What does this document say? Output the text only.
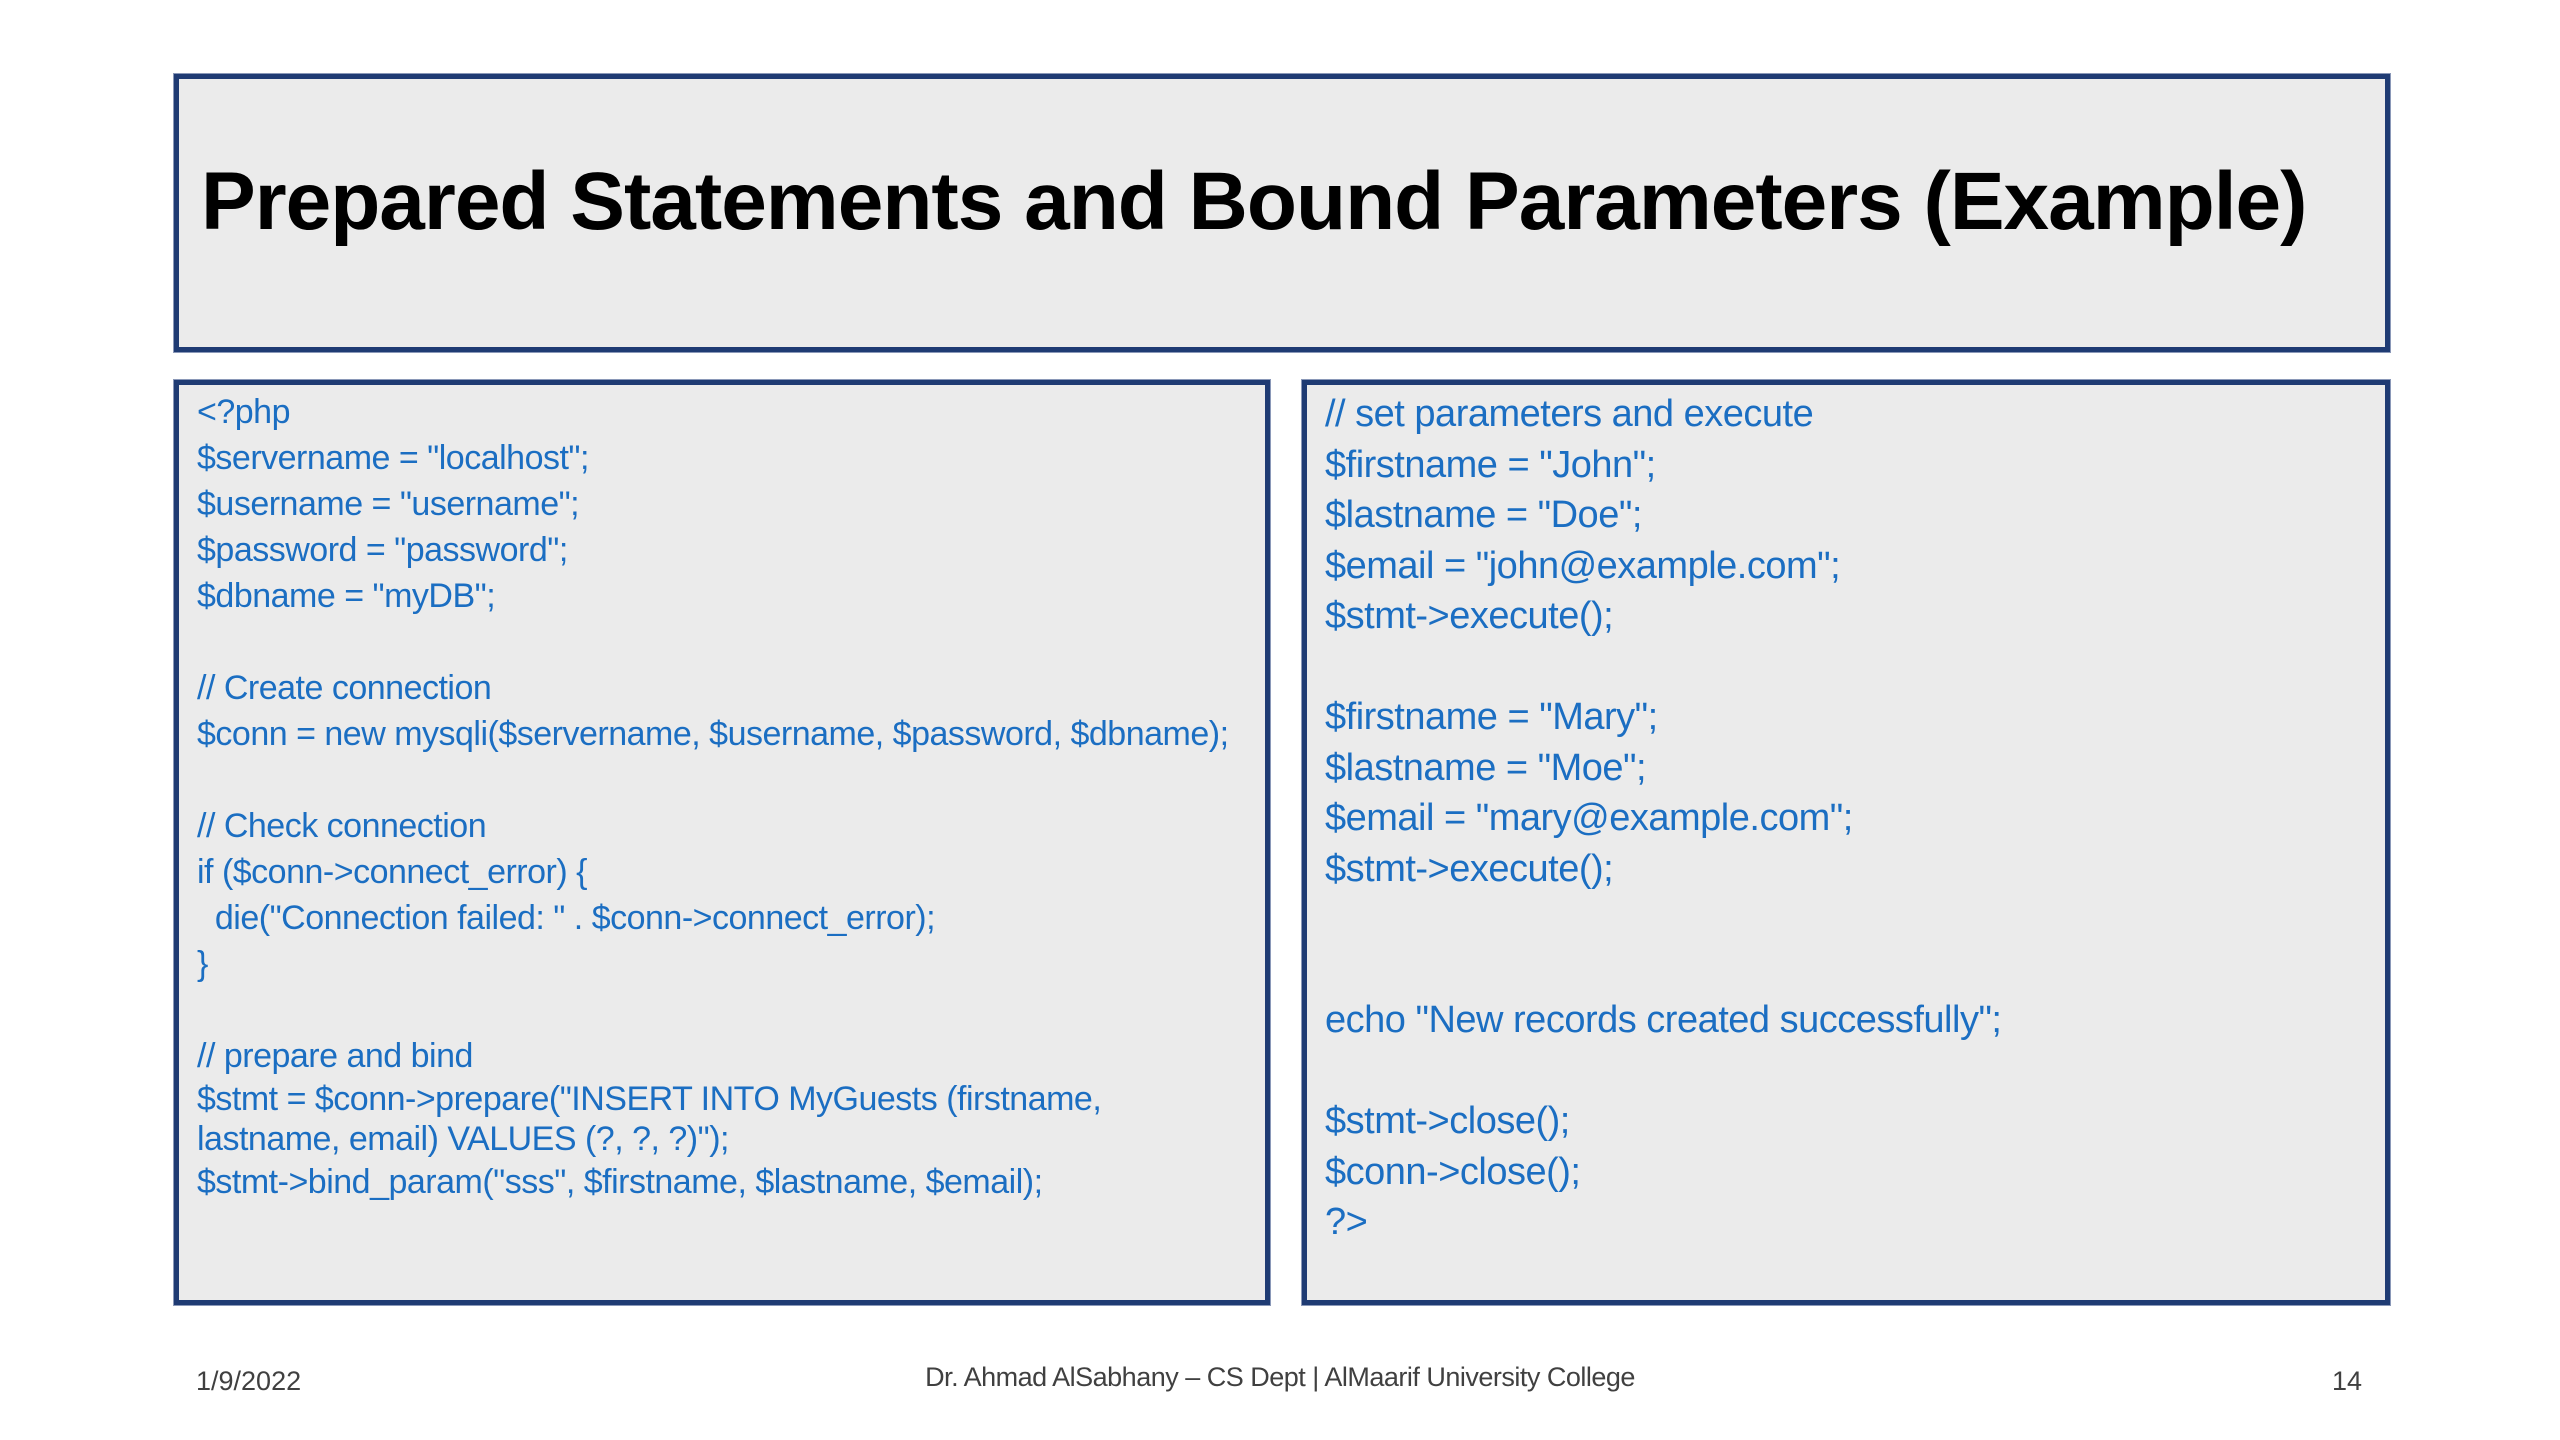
Prepared Statements and Bound Parameters (Example)
<?php
$servername = "localhost";
$username = "username";
$password = "password";
$dbname = "myDB";
// Create connection
$conn = new mysqli($servername, $username, $password, $dbname);
// Check connection
if ($conn->connect_error) {
die("Connection failed: " . $conn->connect_error);
}
// prepare and bind
$stmt = $conn->prepare("INSERT INTO MyGuests (firstname,
lastname, email) VALUES (?, ?, ?)");
$stmt->bind_param("sss", $firstname, $lastname, $email);
// set parameters and execute
$firstname = "John";
$lastname = "Doe";
$email = "john@example.com";
$stmt->execute();
$firstname = "Mary";
$lastname = "Moe";
$email = "mary@example.com";
$stmt->execute();
echo "New records created successfully";
$stmt->close();
$conn->close();
?>
1/9/2022	Dr. Ahmad AlSabhany – CS Dept | AlMaarif University College	14
